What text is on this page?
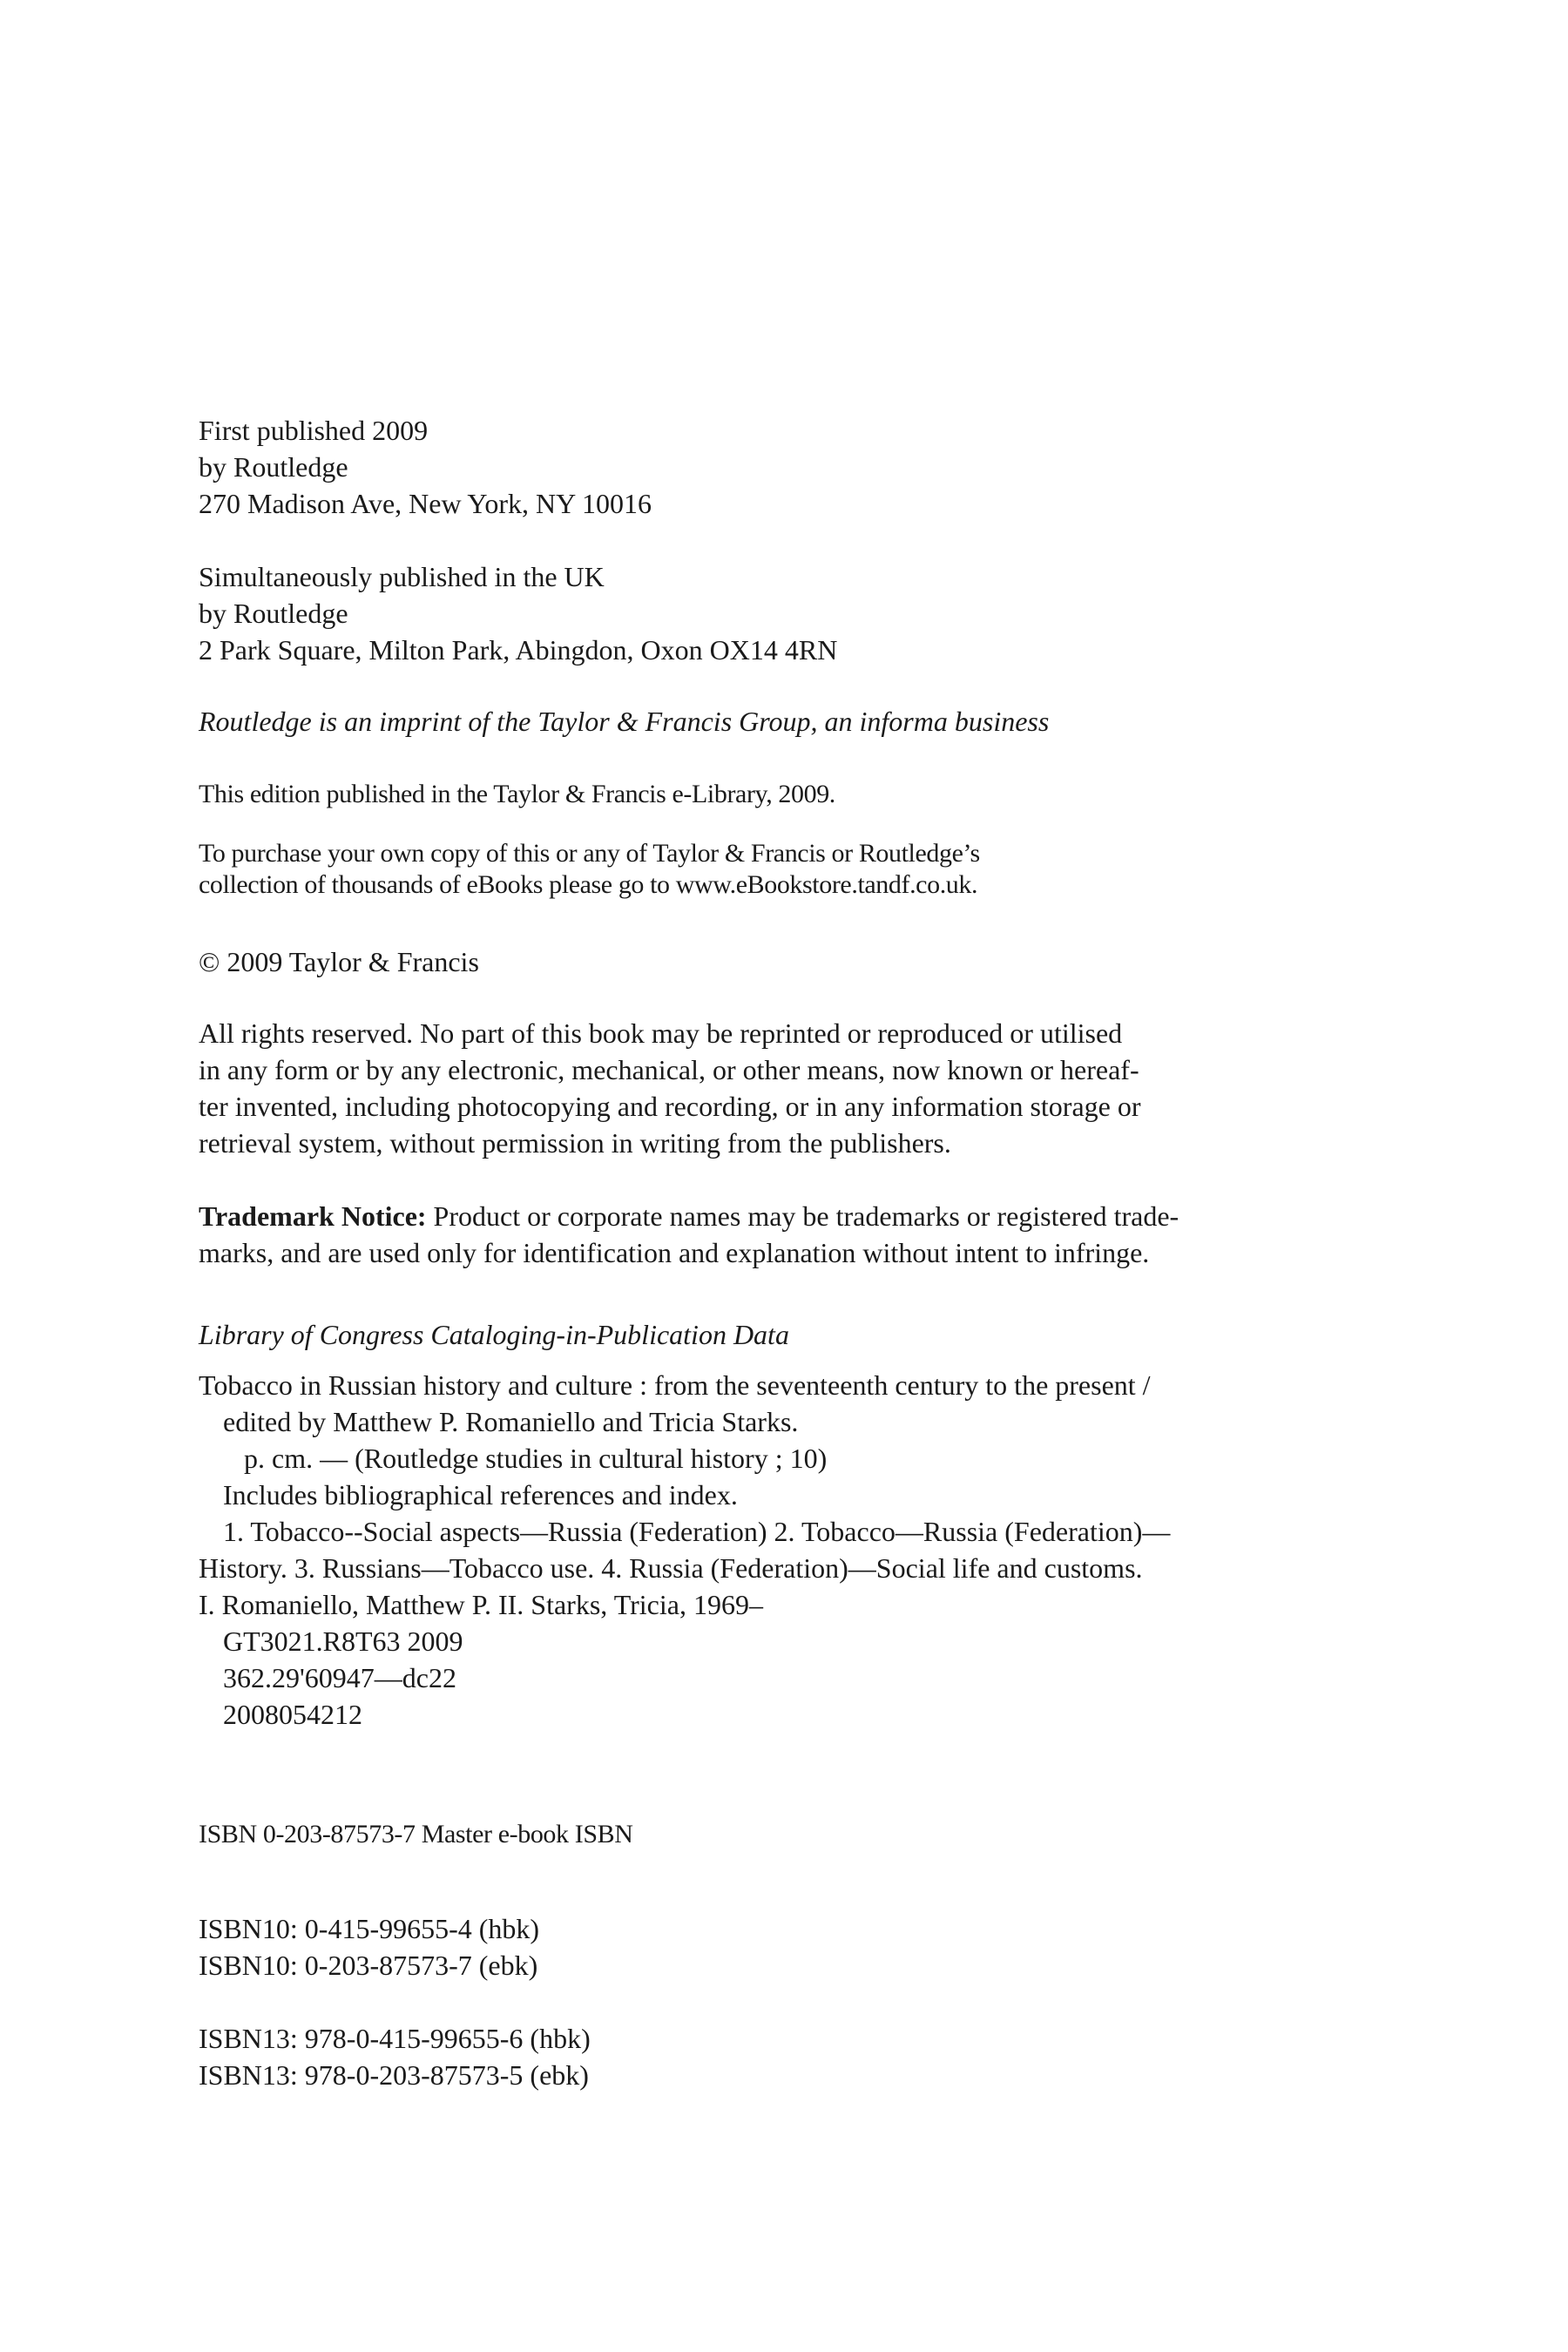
First published 2009
by Routledge
270 Madison Ave, New York, NY 10016
Simultaneously published in the UK
by Routledge
2 Park Square, Milton Park, Abingdon, Oxon OX14 4RN
Routledge is an imprint of the Taylor & Francis Group, an informa business
This edition published in the Taylor & Francis e-Library, 2009.
To purchase your own copy of this or any of Taylor & Francis or Routledge’s
collection of thousands of eBooks please go to www.eBookstore.tandf.co.uk.
© 2009 Taylor & Francis
All rights reserved. No part of this book may be reprinted or reproduced or utilised
in any form or by any electronic, mechanical, or other means, now known or hereaf-
ter invented, including photocopying and recording, or in any information storage or
retrieval system, without permission in writing from the publishers.
Trademark Notice: Product or corporate names may be trademarks or registered trade-
marks, and are used only for identification and explanation without intent to infringe.
Library of Congress Cataloging-in-Publication Data
Tobacco in Russian history and culture : from the seventeenth century to the present /
edited by Matthew P. Romaniello and Tricia Starks.
p. cm. — (Routledge studies in cultural history ; 10)
Includes bibliographical references and index.
1. Tobacco--Social aspects—Russia (Federation) 2. Tobacco—Russia (Federation)—
History. 3. Russians—Tobacco use. 4. Russia (Federation)—Social life and customs.
I. Romaniello, Matthew P. II. Starks, Tricia, 1969–
GT3021.R8T63 2009
362.29'60947—dc22
2008054212
ISBN 0-203-87573-7 Master e-book ISBN
ISBN10: 0-415-99655-4 (hbk)
ISBN10: 0-203-87573-7 (ebk)
ISBN13: 978-0-415-99655-6 (hbk)
ISBN13: 978-0-203-87573-5 (ebk)
